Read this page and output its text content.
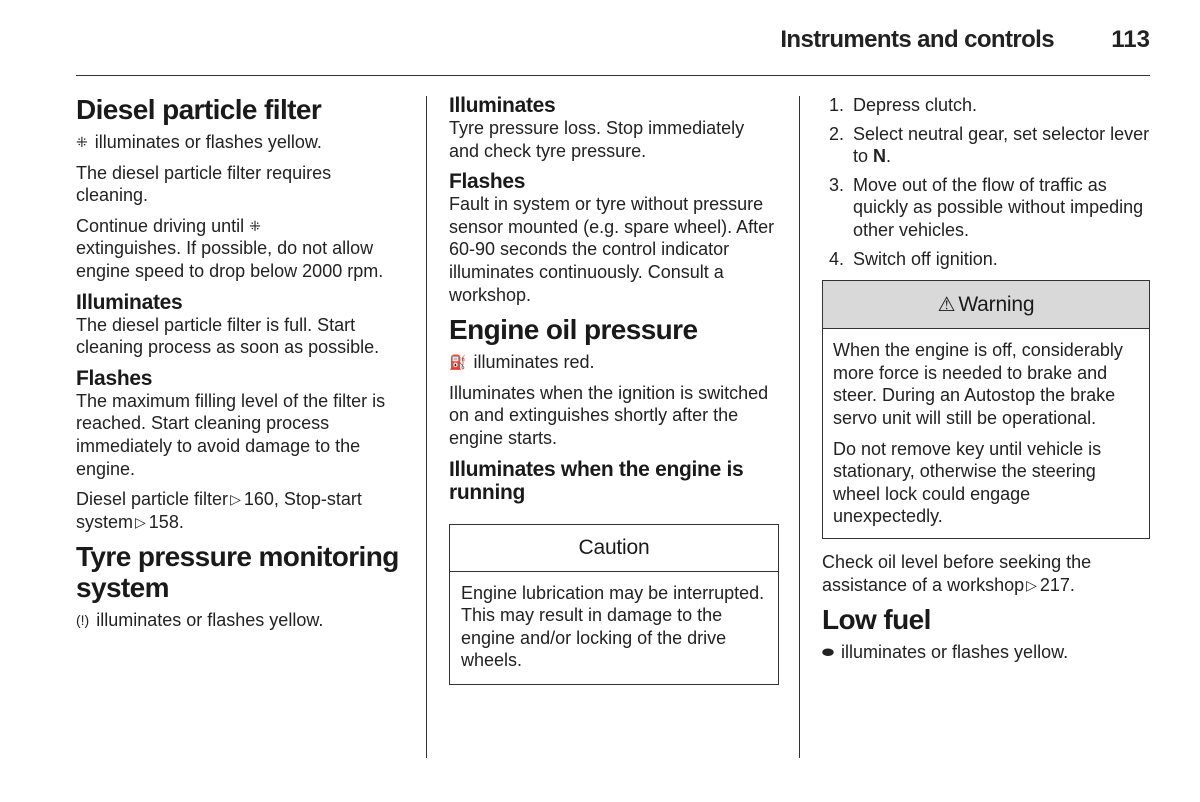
Instruments and controls 113
Diesel particle filter

⁜ illuminates or flashes yellow.

The diesel particle filter requires cleaning.

Continue driving until ⁜
extinguishes. If possible, do not allow engine speed to drop below 2000 rpm.

Illuminates

The diesel particle filter is full. Start cleaning process as soon as possible.

Flashes

The maximum filling level of the filter is reached. Start cleaning process immediately to avoid damage to the engine.

Diesel particle filter ▷ 160, Stop-start system ▷ 158.

Tyre pressure monitoring system

(!) illuminates or flashes yellow.

Illuminates

Tyre pressure loss. Stop immediately and check tyre pressure.

Flashes

Fault in system or tyre without pressure sensor mounted (e.g. spare wheel). After 60-90 seconds the control indicator illuminates continuously. Consult a workshop.

Engine oil pressure

⛽ illuminates red.

Illuminates when the ignition is switched on and extinguishes shortly after the engine starts.

Illuminates when the engine is running
Caution

Engine lubrication may be interrupted. This may result in damage to the engine and/or locking of the drive wheels.

1. Depress clutch.
2. Select neutral gear, set selector lever to N.
3. Move out of the flow of traffic as quickly as possible without impeding other vehicles.
4. Switch off ignition.
⚠ Warning

When the engine is off, considerably more force is needed to brake and steer. During an Autostop the brake servo unit will still be operational.

Do not remove key until vehicle is stationary, otherwise the steering wheel lock could engage unexpectedly.

Check oil level before seeking the assistance of a workshop ▷ 217.

Low fuel

⬬ illuminates or flashes yellow.
